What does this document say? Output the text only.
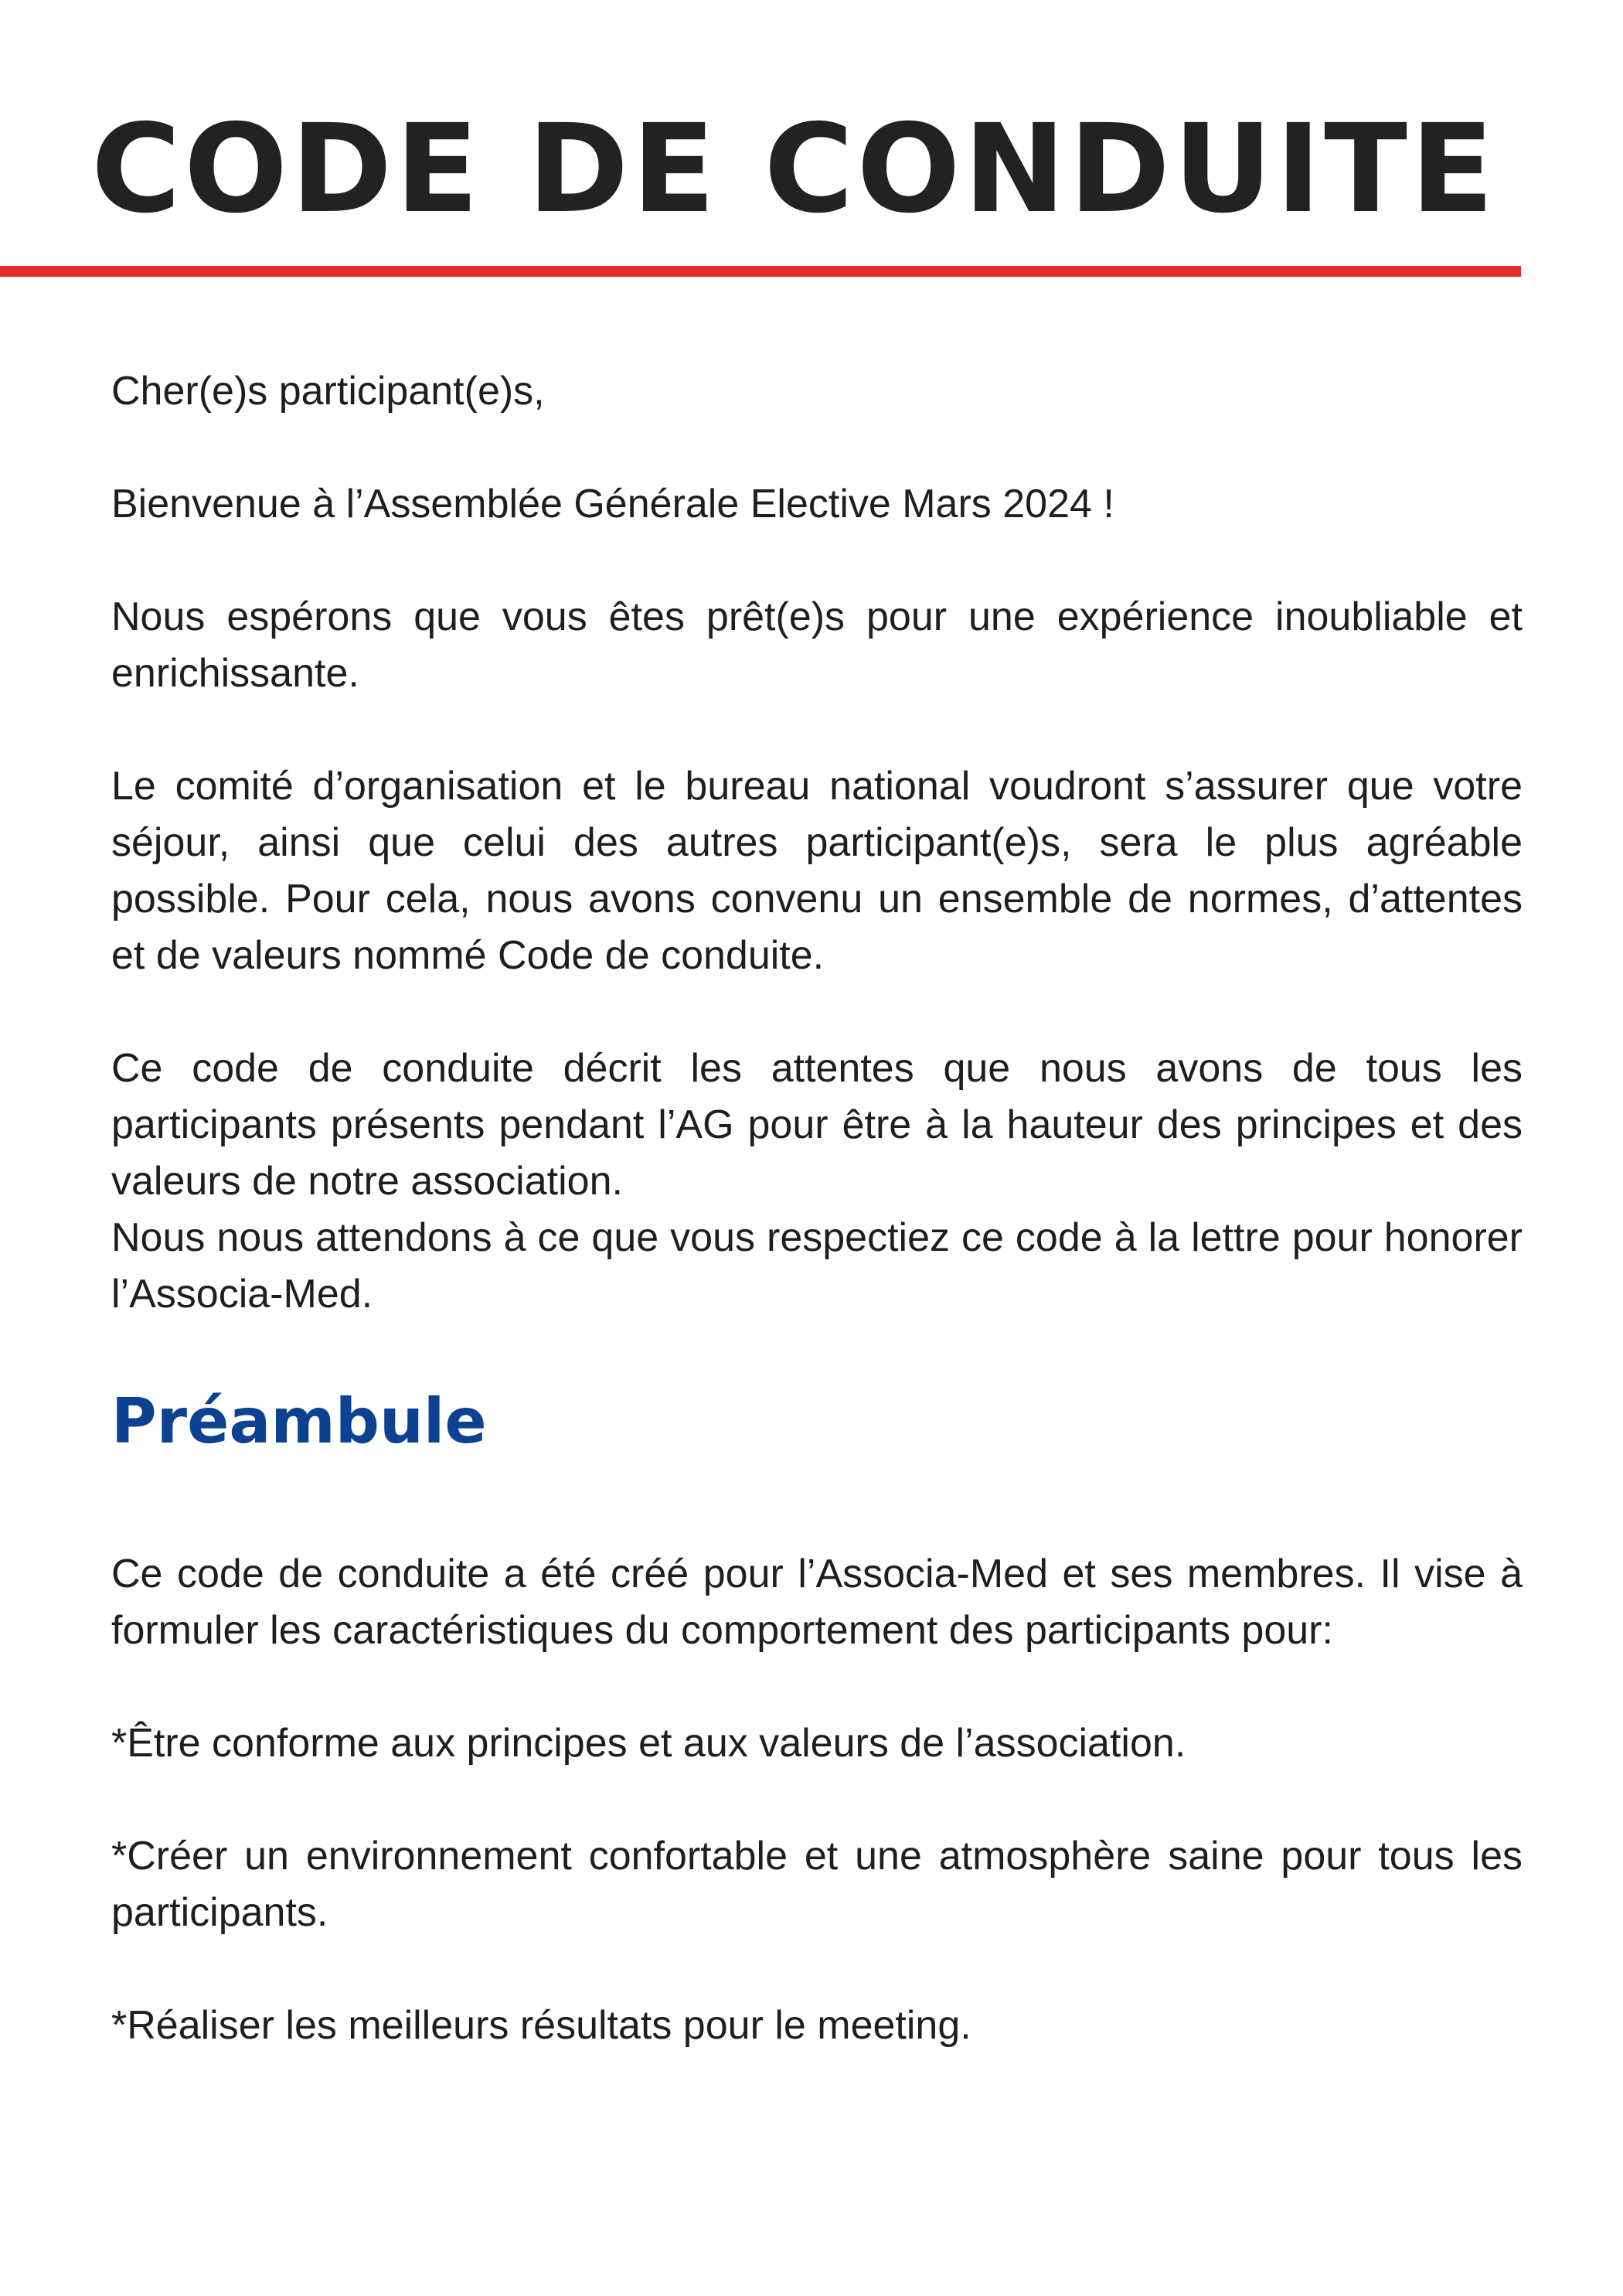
CODE DE CONDUITE

Cher(e)s participant(e)s,

Bienvenue à l’Assemblée Générale Elective Mars 2024 !

Nous espérons que vous êtes prêt(e)s pour une expérience inoubliable et enrichissante.

Le comité d’organisation et le bureau national voudront s’assurer que votre séjour, ainsi que celui des autres participant(e)s, sera le plus agréable possible. Pour cela, nous avons convenu un ensemble de normes, d’attentes et de valeurs nommé Code de conduite.

Ce code de conduite décrit les attentes que nous avons de tous les participants présents pendant l’AG pour être à la hauteur des principes et des valeurs de notre association.

Nous nous attendons à ce que vous respectiez ce code à la lettre pour honorer l’Associa-Med.

Préambule

Ce code de conduite a été créé pour l’Associa-Med et ses membres. Il vise à formuler les caractéristiques du comportement des participants pour:

*Être conforme aux principes et aux valeurs de l’association.

*Créer un environnement confortable et une atmosphère saine pour tous les participants.

*Réaliser les meilleurs résultats pour le meeting.
